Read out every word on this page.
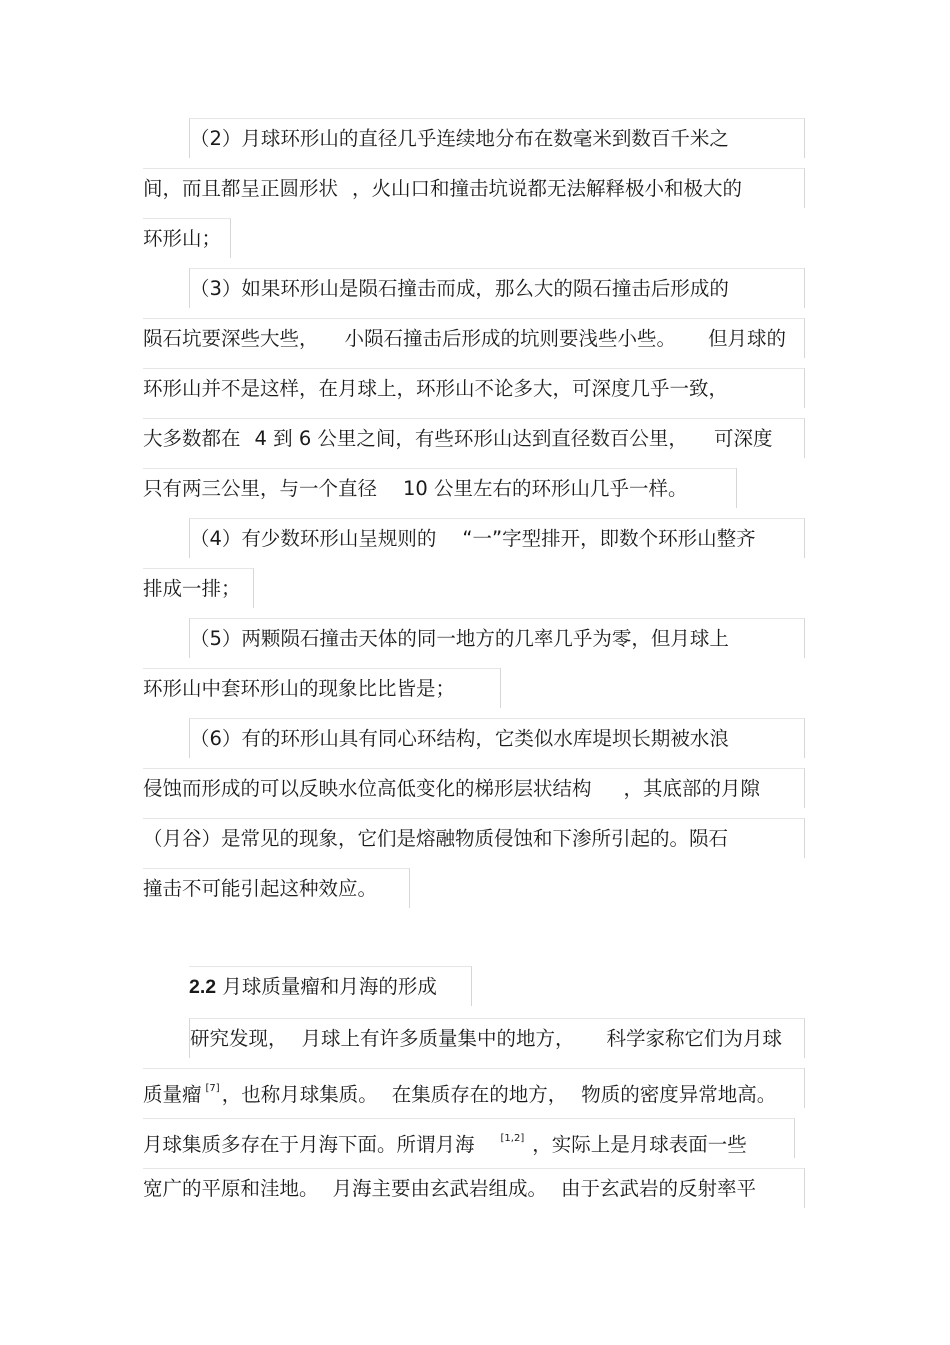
（2）月球环形山的直径几乎连续地分布在数毫米到数百千米之
间，而且都呈正圆形状 ，火山口和撞击坑说都无法解释极小和极大的
环形山；
（3）如果环形山是陨石撞击而成，那么大的陨石撞击后形成的
陨石坑要深些大些， 小陨石撞击后形成的坑则要浅些小些。 但月球的
环形山并不是这样，在月球上，环形山不论多大，可深度几乎一致，
大多数都在 4 到 6 公里之间，有些环形山达到直径数百公里， 可深度
只有两三公里，与一个直径 10 公里左右的环形山几乎一样。
（4）有少数环形山呈规则的 “一”字型排开，即数个环形山整齐
排成一排；
（5）两颗陨石撞击天体的同一地方的几率几乎为零，但月球上
环形山中套环形山的现象比比皆是；
（6）有的环形山具有同心环结构，它类似水库堤坝长期被水浪
侵蚀而形成的可以反映水位高低变化的梯形层状结构 ，其底部的月隙
（月谷）是常见的现象，它们是熔融物质侵蚀和下渗所引起的。陨石
撞击不可能引起这种效应。
2.2 月球质量瘤和月海的形成
研究发现， 月球上有许多质量集中的地方， 科学家称它们为月球
质量瘤 [7] ，也称月球集质。 在集质存在的地方， 物质的密度异常地高。
月球集质多存在于月海下面。所谓月海	[1,2] ，实际上是月球表面一些
宽广的平原和洼地。 月海主要由玄武岩组成。 由于玄武岩的反射率平
